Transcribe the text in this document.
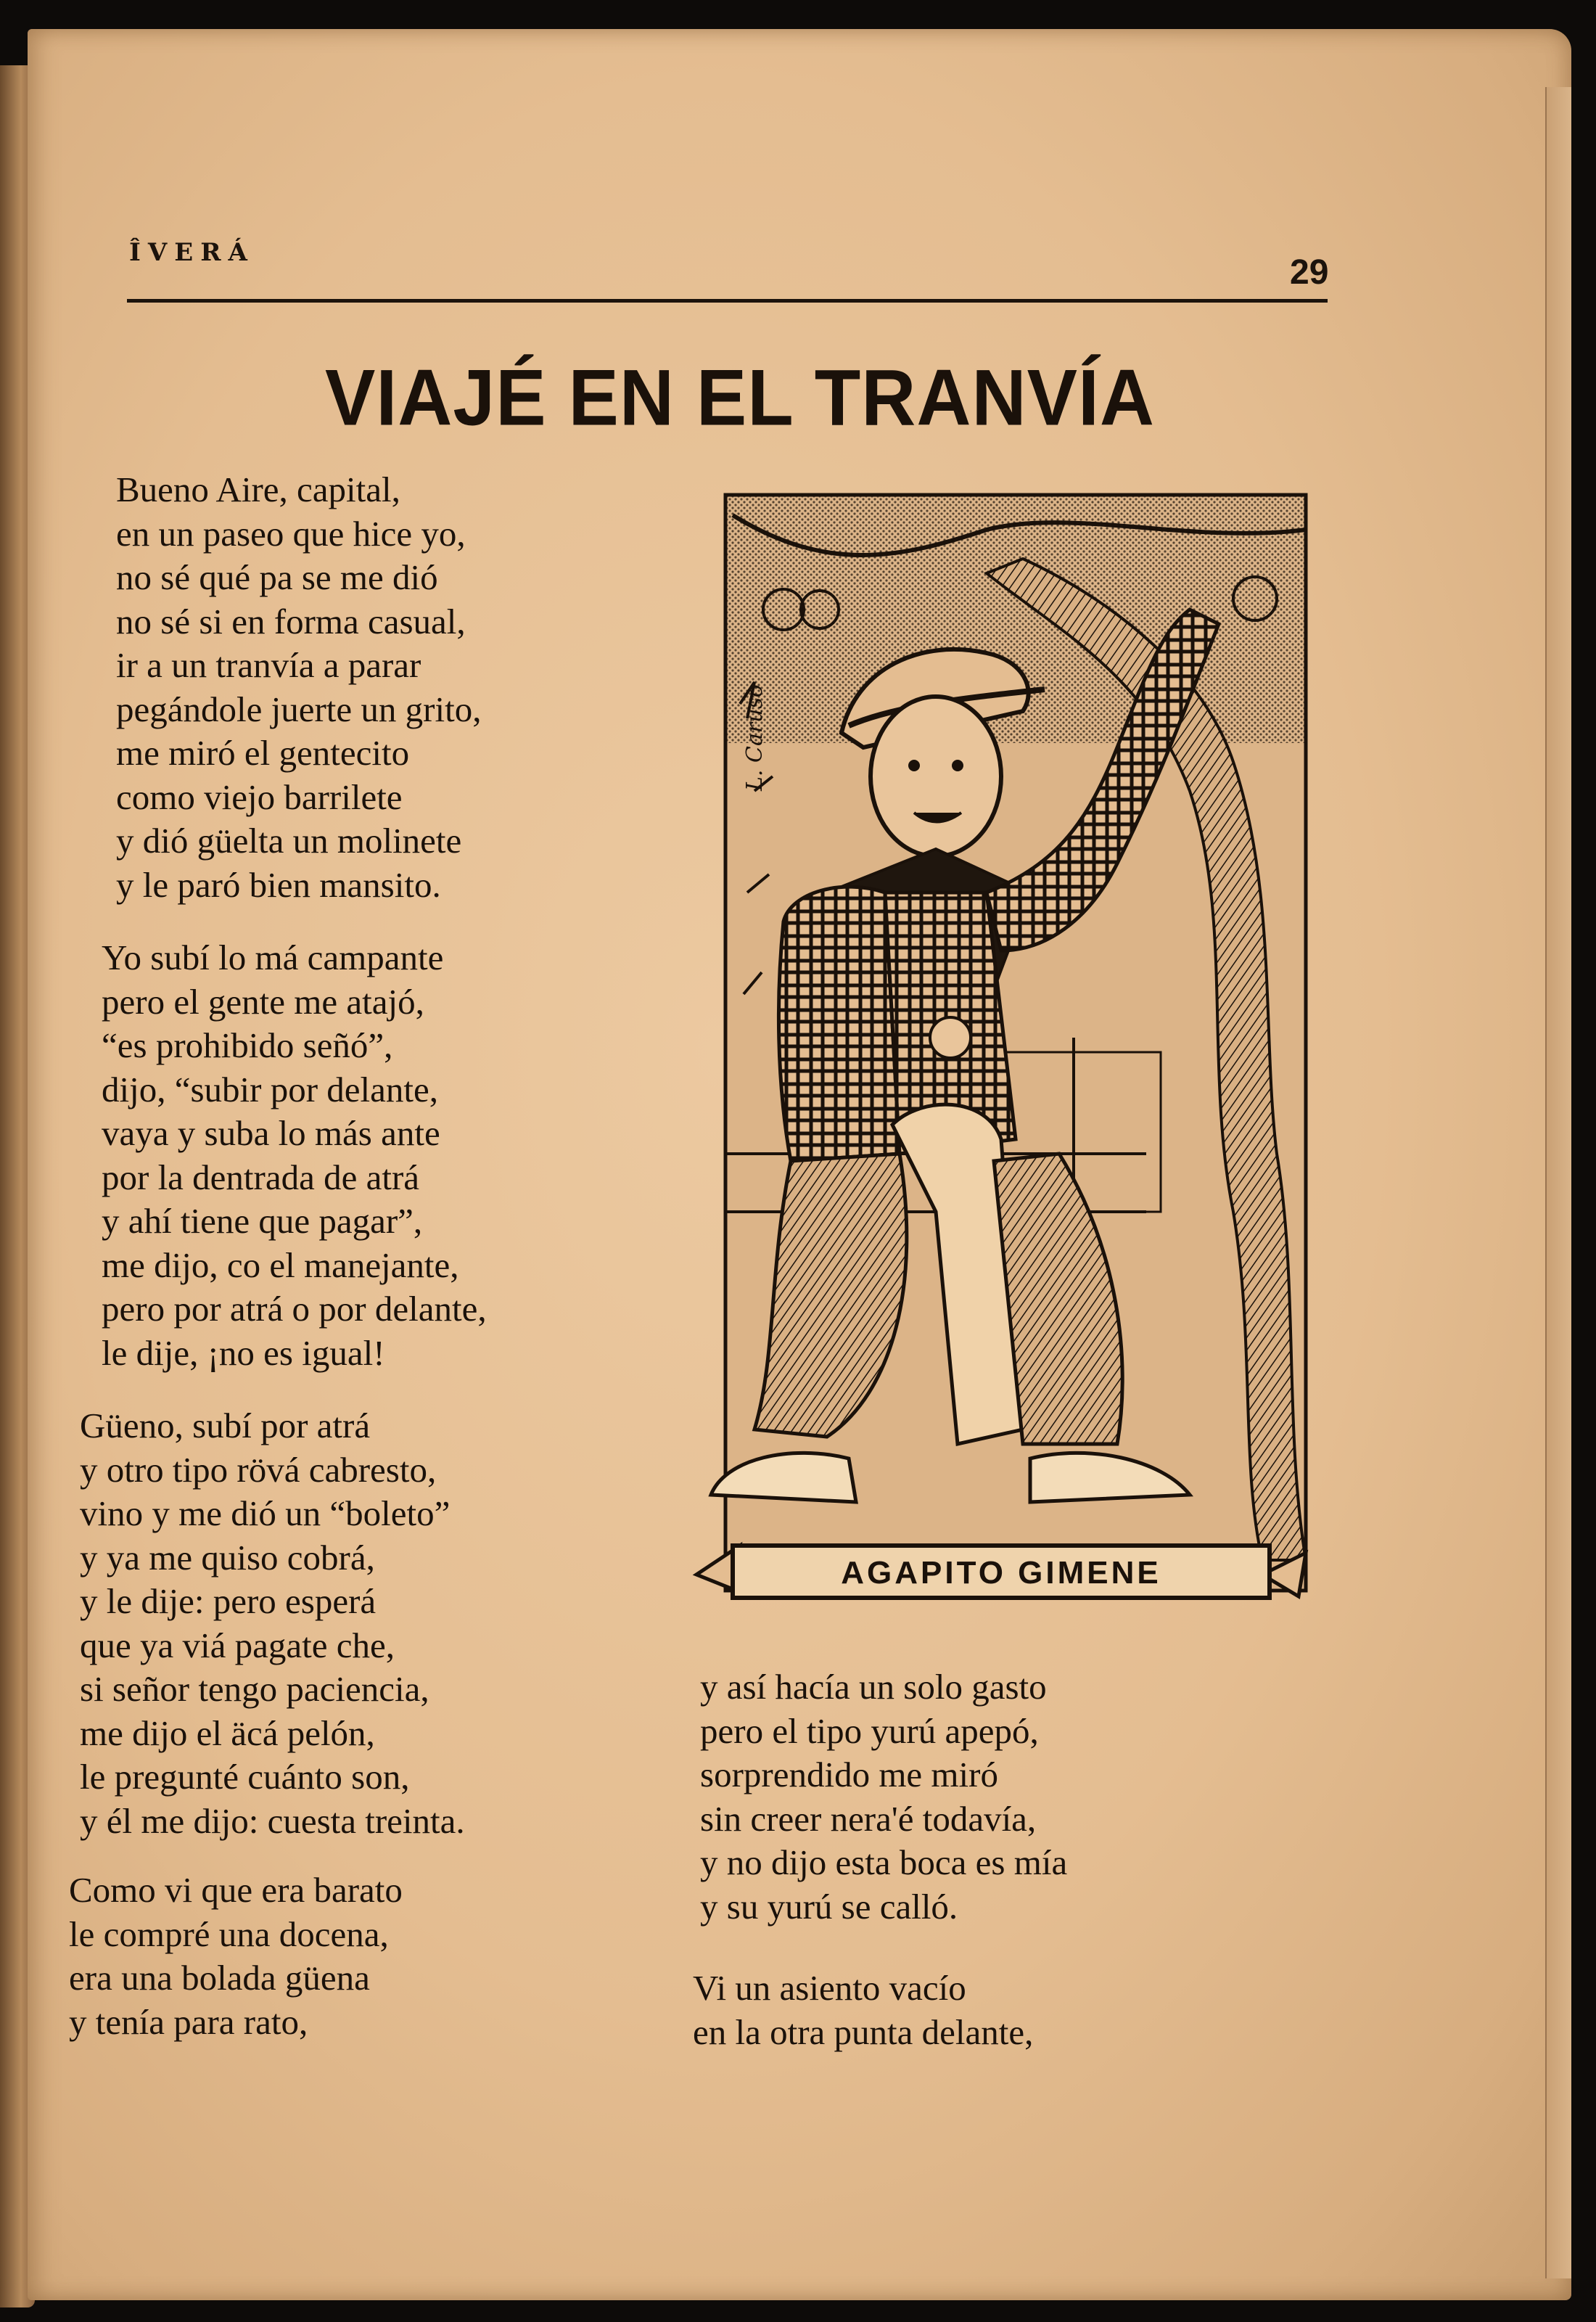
ÎVERÁ
29
VIAJÉ EN EL TRANVÍA
Bueno Aire, capital,
en un paseo que hice yo,
no sé qué pa se me dió
no sé si en forma casual,
ir a un tranvía a parar
pegándole juerte un grito,
me miró el gentecito
como viejo barrilete
y dió güelta un molinete
y le paró bien mansito.
Yo subí lo má campante
pero el gente me atajó,
“es prohibido señó”,
dijo, “subir por delante,
vaya y suba lo más ante
por la dentrada de atrá
y ahí tiene que pagar”,
me dijo, co el manejante,
pero por atrá o por delante,
le dije, ¡no es igual!
Güeno, subí por atrá
y otro tipo rövá cabresto,
vino y me dió un “boleto”
y ya me quiso cobrá,
y le dije: pero esperá
que ya viá pagate che,
si señor tengo paciencia,
me dijo el äcá pelón,
le pregunté cuánto son,
y él me dijo: cuesta treinta.
Como vi que era barato
le compré una docena,
era una bolada güena
y tenía para rato,
y así hacía un solo gasto
pero el tipo yurú apepó,
sorprendido me miró
sin creer nera'é todavía,
y no dijo esta boca es mía
y su yurú se calló.
Vi un asiento vacío
en la otra punta delante,
L. Caruso
AGAPITO GIMENE
